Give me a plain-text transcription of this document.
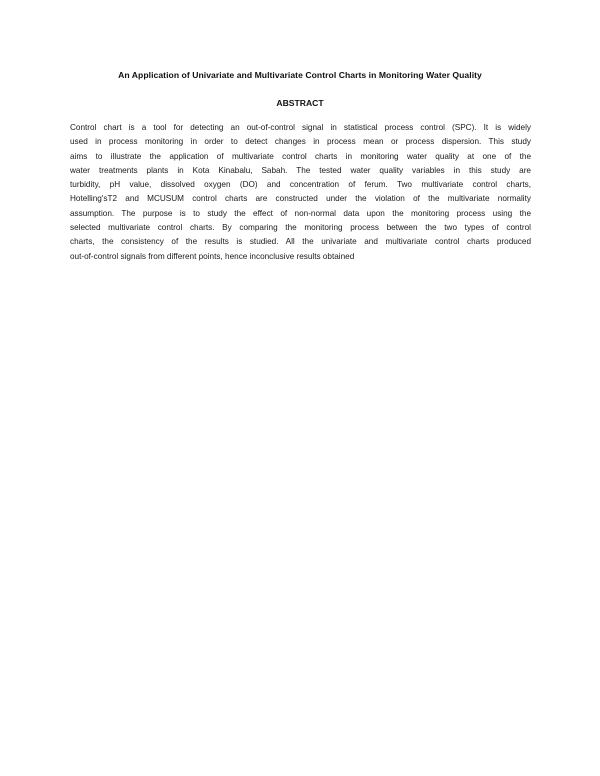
An Application of Univariate and Multivariate Control Charts in Monitoring Water Quality
ABSTRACT

Control chart is a tool for detecting an out-of-control signal in statistical process control (SPC). It is widely
used in process monitoring in order to detect changes in process mean or process dispersion. This study
aims to illustrate the application of multivariate control charts in monitoring water quality at one of the
water treatments plants in Kota Kinabalu, Sabah. The tested water quality variables in this study are
turbidity, pH value, dissolved oxygen (DO) and concentration of ferum. Two multivariate control charts,
Hotelling'sT2 and MCUSUM control charts are constructed under the violation of the multivariate normality
assumption. The purpose is to study the effect of non-normal data upon the monitoring process using the
selected multivariate control charts. By comparing the monitoring process between the two types of control
charts, the consistency of the results is studied. All the univariate and multivariate control charts produced
out-of-control signals from different points, hence inconclusive results obtained
